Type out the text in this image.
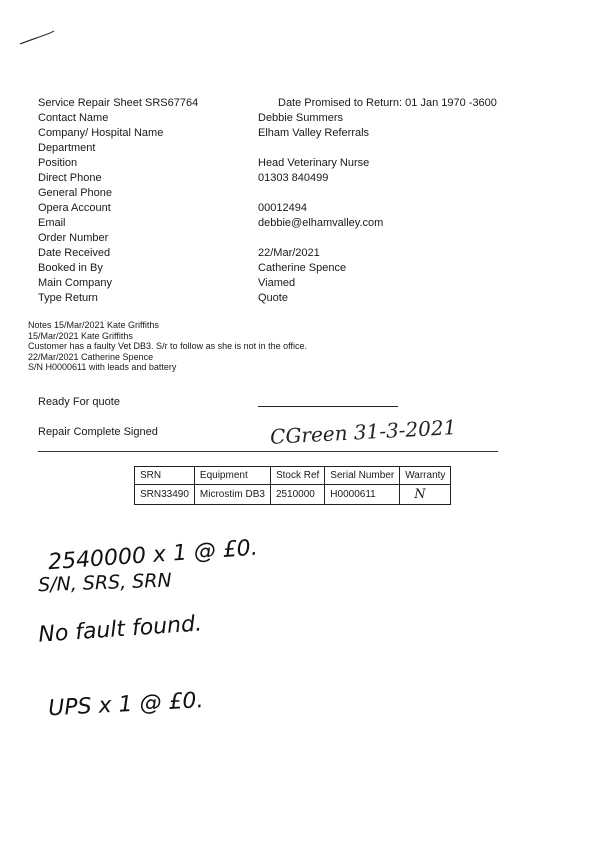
Service Repair Sheet SRS67764	Date Promised to Return: 01 Jan 1970 -3600
Contact Name	Debbie Summers
Company/ Hospital Name	Elham Valley Referrals
Department
Position	Head Veterinary Nurse
Direct Phone	01303 840499
General Phone
Opera Account	00012494
Email	debbie@elhamvalley.com
Order Number
Date Received	22/Mar/2021
Booked in By	Catherine Spence
Main Company	Viamed
Type Return	Quote
Notes 15/Mar/2021 Kate Griffiths
15/Mar/2021 Kate Griffiths
Customer has a faulty Vet DB3. S/r to follow as she is not in the office.
22/Mar/2021 Catherine Spence
S/N H0000611 with leads and battery
Ready For quote
Repair Complete Signed	CGreen 31-3-2021
SRN	Equipment	Stock Ref	Serial Number	Warranty
SRN33490	Microstim DB3	2510000	H0000611	N
2540000 x 1 @ £0.
S/N, SRS, SRN
No fault found.
UPS x 1 @ £0.
